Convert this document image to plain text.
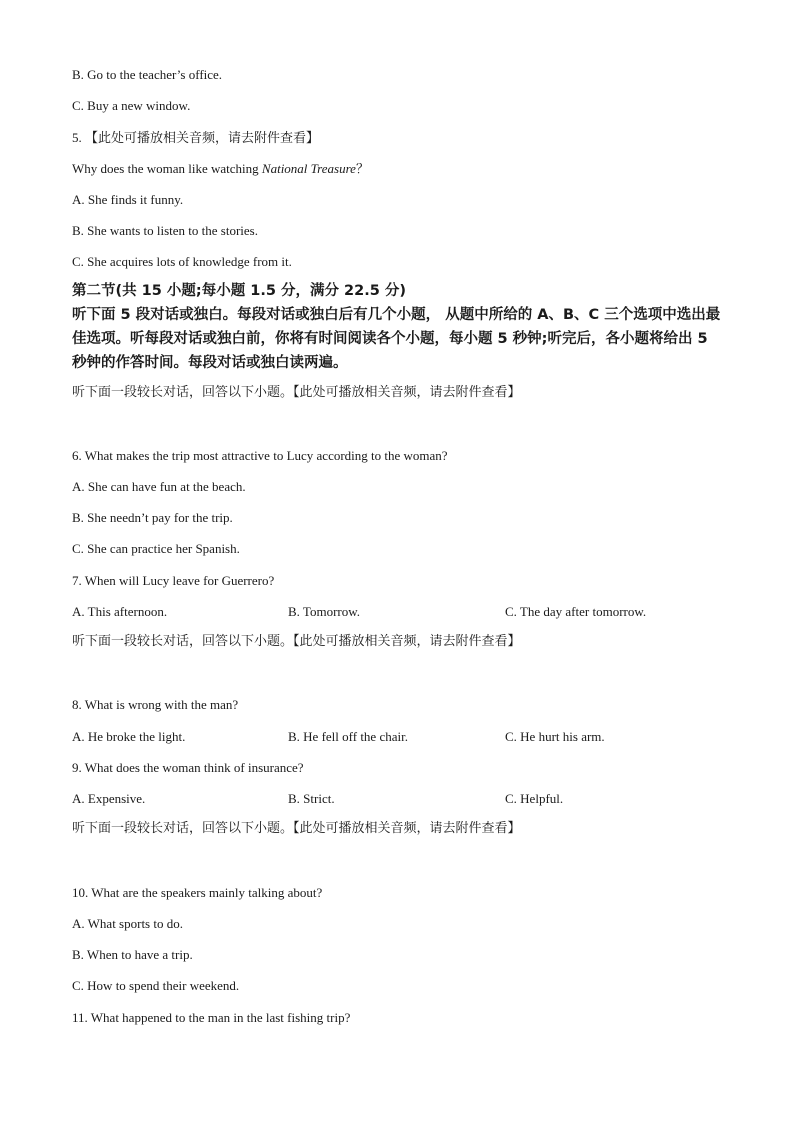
B. Go to the teacher’s office.
C. Buy a new window.
5. 【此处可播放相关音频，请去附件查看】
Why does the woman like watching National Treasure？
A. She finds it funny.
B. She wants to listen to the stories.
C. She acquires lots of knowledge from it.
第二节(共 15 小题;每小题 1.5 分，满分 22.5 分)

听下面 5 段对话或独白。每段对话或独白后有几个小题， 从题中所给的 A、B、C 三个选项中选出最佳选项。听每段对话或独白前，你将有时间阅读各个小题，每小题 5 秒钟;听完后，各小题将给出 5 秒钟的作答时间。每段对话或独白读两遍。

听下面一段较长对话，回答以下小题。【此处可播放相关音频，请去附件查看】
6. What makes the trip most attractive to Lucy according to the woman?
A. She can have fun at the beach.
B. She needn’t pay for the trip.
C. She can practice her Spanish.
7. When will Lucy leave for Guerrero?
A. This afternoon.	B. Tomorrow.	C. The day after tomorrow.
听下面一段较长对话，回答以下小题。【此处可播放相关音频，请去附件查看】
8. What is wrong with the man?
A. He broke the light.	B. He fell off the chair.	C. He hurt his arm.
9. What does the woman think of insurance?
A. Expensive.	B. Strict.	C. Helpful.
听下面一段较长对话，回答以下小题。【此处可播放相关音频，请去附件查看】
10. What are the speakers mainly talking about?
A. What sports to do.
B. When to have a trip.
C. How to spend their weekend.
11. What happened to the man in the last fishing trip?
